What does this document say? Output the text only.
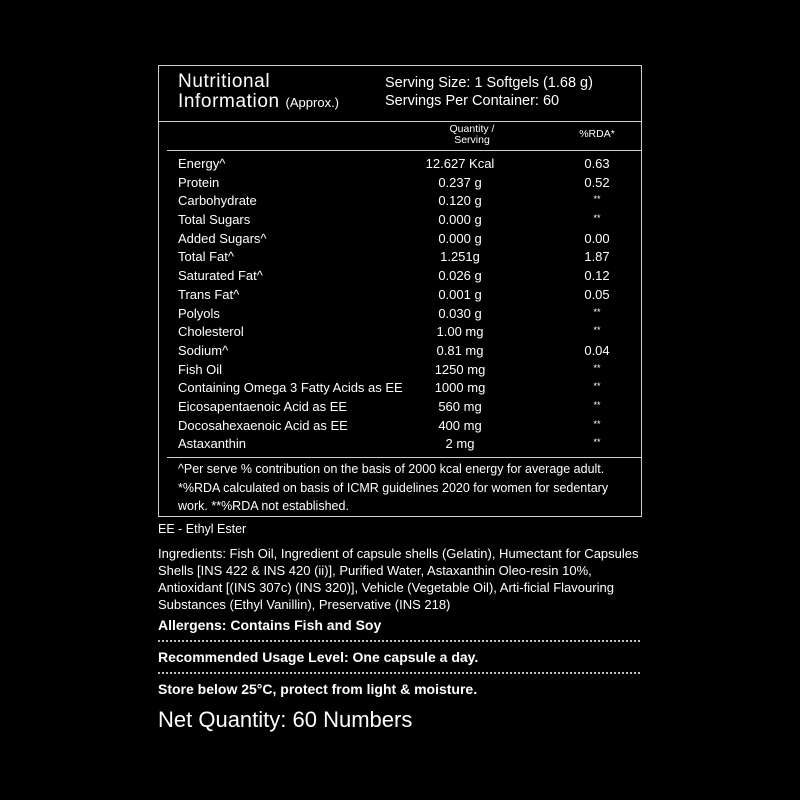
Nutritional
Information (Approx.)
Serving Size: 1 Softgels (1.68 g)
Servings Per Container: 60
Quantity /
Serving	%RDA*
Energy^	12.627 Kcal	0.63
Protein	0.237 g	0.52
Carbohydrate	0.120 g	**
Total Sugars	0.000 g	**
Added Sugars^	0.000 g	0.00
Total Fat^	1.251g	1.87
Saturated Fat^	0.026 g	0.12
Trans Fat^	0.001 g	0.05
Polyols	0.030 g	**
Cholesterol	1.00 mg	**
Sodium^	0.81 mg	0.04
Fish Oil	1250 mg	**
Containing Omega 3 Fatty Acids as EE	1000 mg	**
Eicosapentaenoic Acid as EE	560 mg	**
Docosahexaenoic Acid as EE	400 mg	**
Astaxanthin	2 mg	**
^Per serve % contribution on the basis of 2000 kcal energy for average adult. *%RDA calculated on basis of ICMR guidelines 2020 for women for sedentary work. **%RDA not established.
EE - Ethyl Ester
Ingredients: Fish Oil, Ingredient of capsule shells (Gelatin), Humectant for Capsules Shells [INS 422 & INS 420 (ii)], Purified Water, Astaxanthin Oleo-resin 10%, Antioxidant [(INS 307c) (INS 320)], Vehicle (Vegetable Oil), Arti-ficial Flavouring Substances (Ethyl Vanillin), Preservative (INS 218)
Allergens: Contains Fish and Soy
Recommended Usage Level: One capsule a day.
Store below 25°C, protect from light & moisture.
Net Quantity: 60 Numbers
